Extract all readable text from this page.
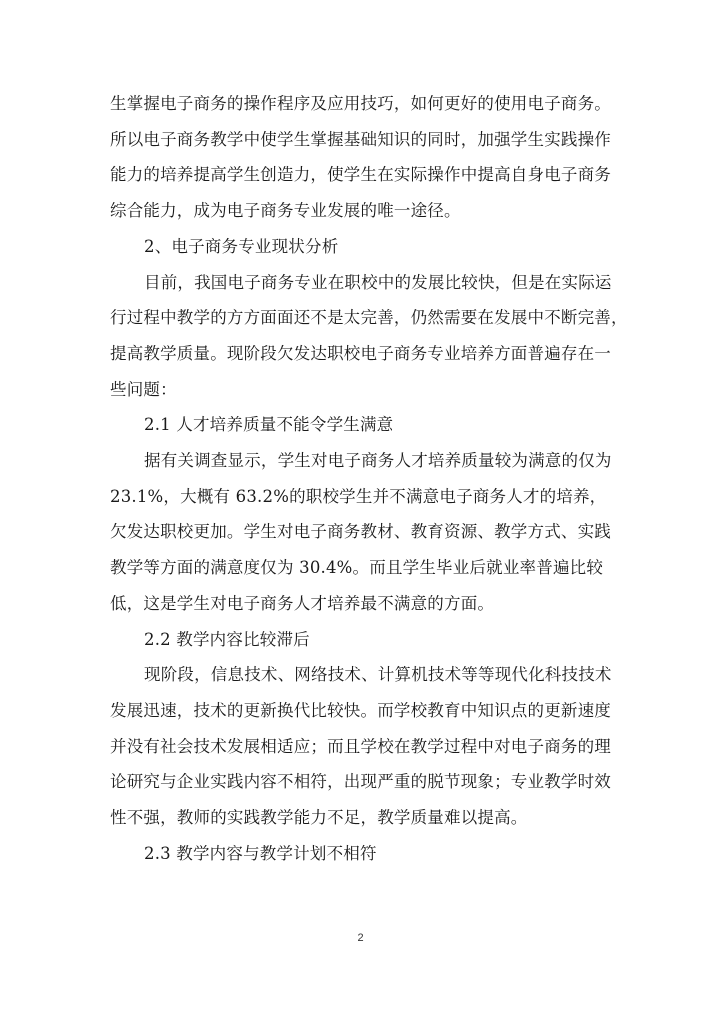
生掌握电子商务的操作程序及应用技巧，如何更好的使用电子商务。
所以电子商务教学中使学生掌握基础知识的同时，加强学生实践操作
能力的培养提高学生创造力，使学生在实际操作中提高自身电子商务
综合能力，成为电子商务专业发展的唯一途径。
2、电子商务专业现状分析
目前，我国电子商务专业在职校中的发展比较快，但是在实际运
行过程中教学的方方面面还不是太完善，仍然需要在发展中不断完善，
提高教学质量。现阶段欠发达职校电子商务专业培养方面普遍存在一
些问题：
2.1 人才培养质量不能令学生满意
据有关调查显示，学生对电子商务人才培养质量较为满意的仅为
23.1%，大概有 63.2%的职校学生并不满意电子商务人才的培养，
欠发达职校更加。学生对电子商务教材、教育资源、教学方式、实践
教学等方面的满意度仅为 30.4%。而且学生毕业后就业率普遍比较
低，这是学生对电子商务人才培养最不满意的方面。
2.2 教学内容比较滞后
现阶段，信息技术、网络技术、计算机技术等等现代化科技技术
发展迅速，技术的更新换代比较快。而学校教育中知识点的更新速度
并没有社会技术发展相适应；而且学校在教学过程中对电子商务的理
论研究与企业实践内容不相符，出现严重的脱节现象；专业教学时效
性不强，教师的实践教学能力不足，教学质量难以提高。
2.3 教学内容与教学计划不相符
2
